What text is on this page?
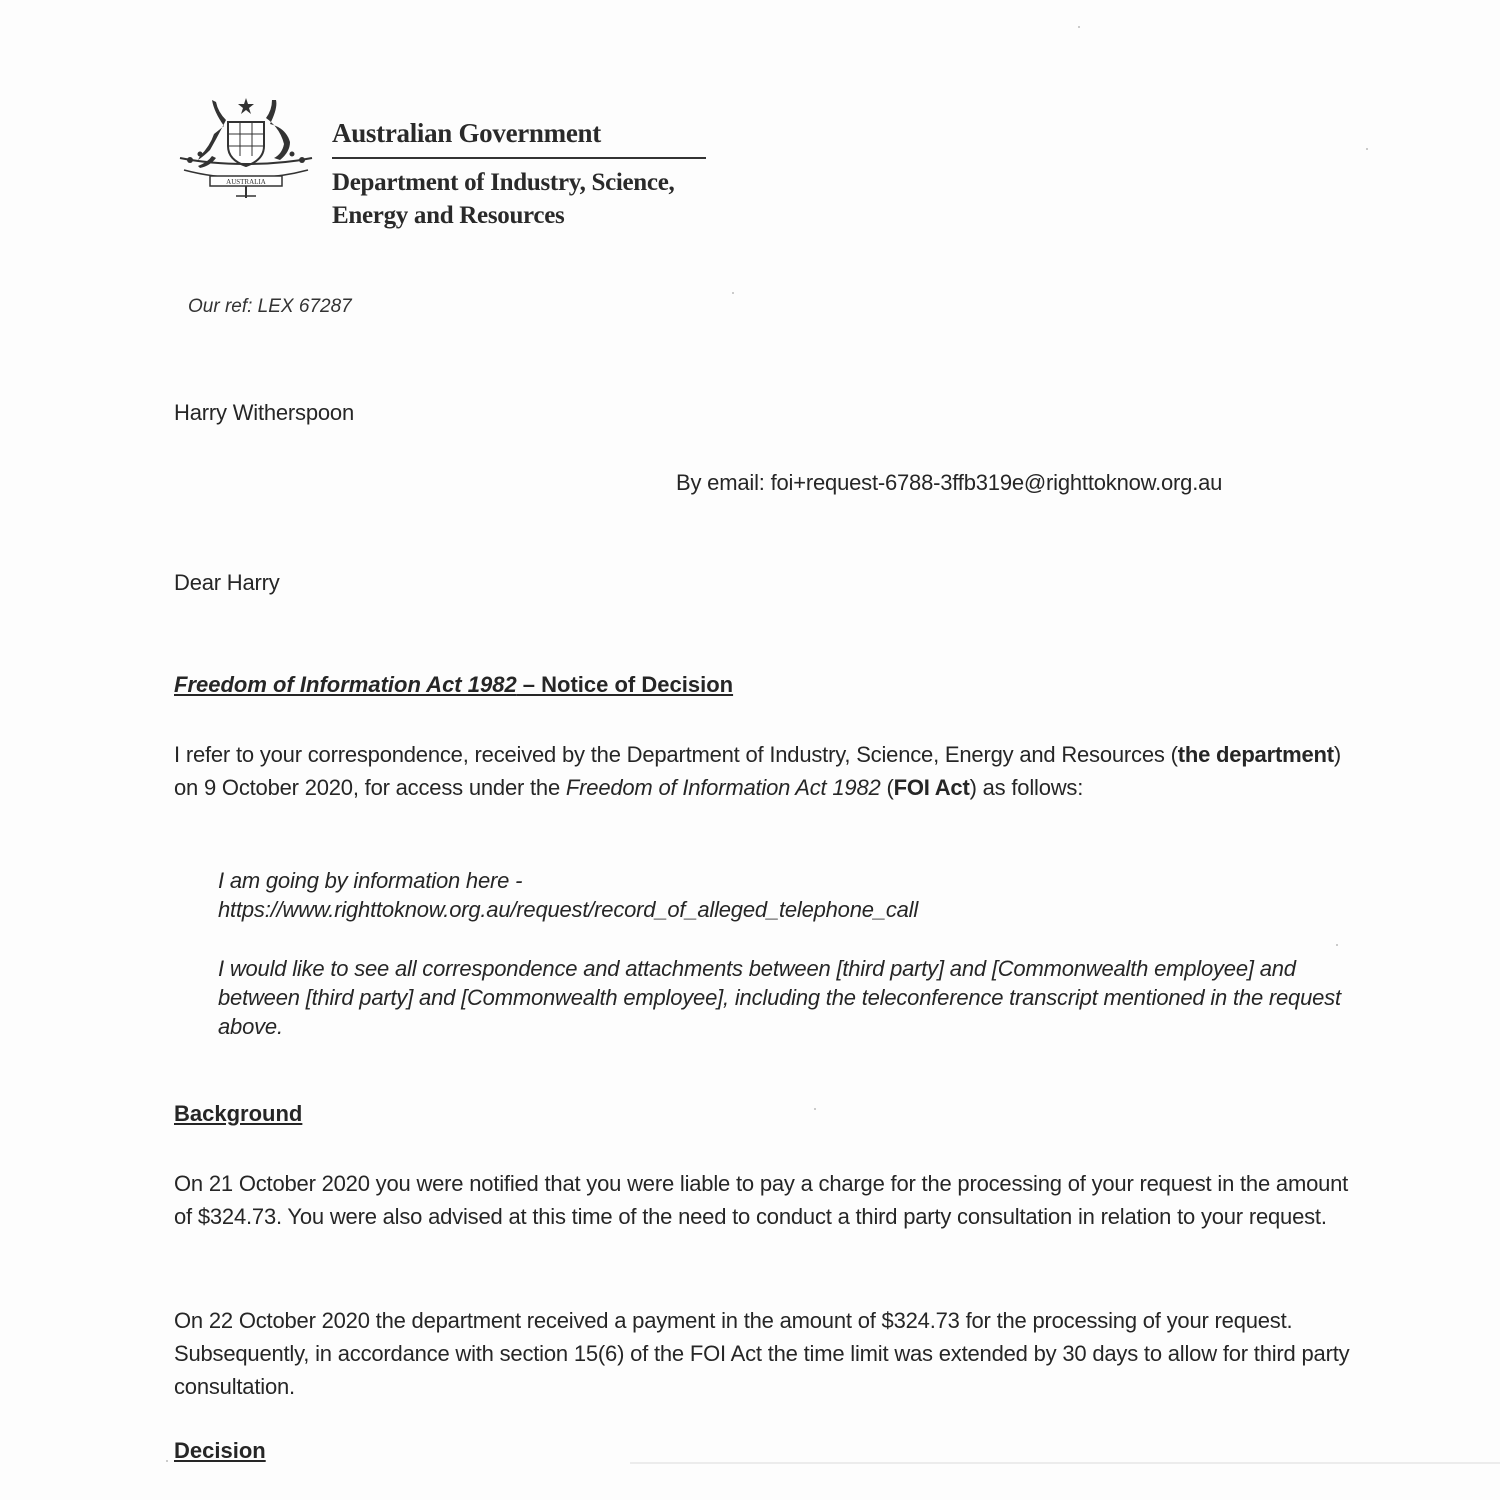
AUSTRALIA
Australian Government
Department of Industry, Science,
Energy and Resources
Our ref: LEX 67287
Harry Witherspoon
By email: foi+request-6788-3ffb319e@righttoknow.org.au
Dear Harry
Freedom of Information Act 1982 – Notice of Decision
I refer to your correspondence, received by the Department of Industry, Science, Energy and Resources (the department) on 9 October 2020, for access under the Freedom of Information Act 1982 (FOI Act) as follows:
I am going by information here -
https://www.righttoknow.org.au/request/record_of_alleged_telephone_call
I would like to see all correspondence and attachments between [third party] and [Commonwealth employee] and between [third party] and [Commonwealth employee], including the teleconference transcript mentioned in the request above.
Background
On 21 October 2020 you were notified that you were liable to pay a charge for the processing of your request in the amount of $324.73. You were also advised at this time of the need to conduct a third party consultation in relation to your request.
On 22 October 2020 the department received a payment in the amount of $324.73 for the processing of your request. Subsequently, in accordance with section 15(6) of the FOI Act the time limit was extended by 30 days to allow for third party consultation.
Decision
